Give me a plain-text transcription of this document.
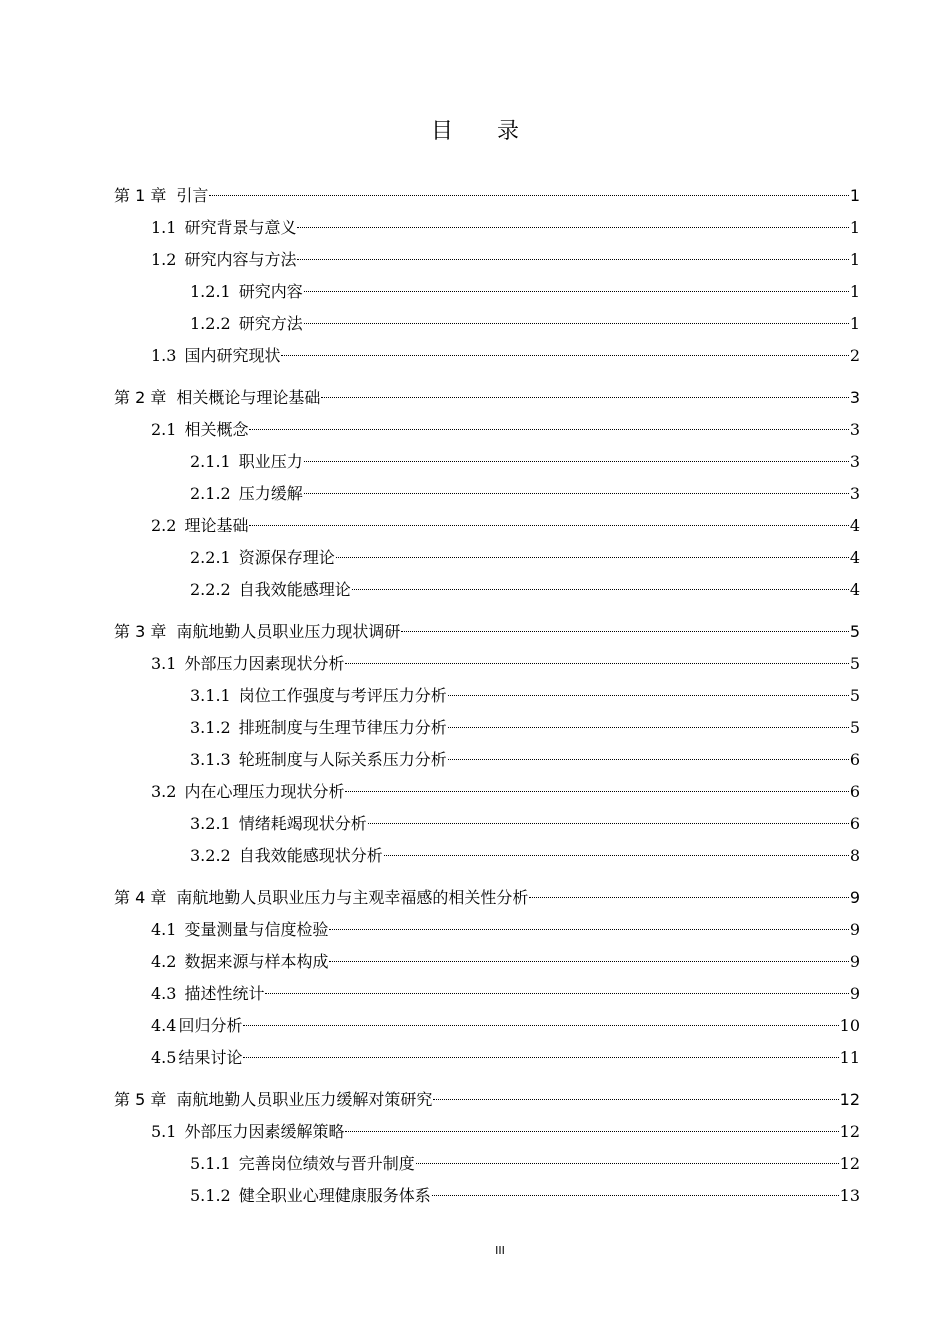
目 录
第 1 章 引言	1
1.1 研究背景与意义	1
1.2 研究内容与方法	1
1.2.1 研究内容	1
1.2.2 研究方法	1
1.3 国内研究现状	2
第 2 章 相关概论与理论基础	3
2.1 相关概念	3
2.1.1 职业压力	3
2.1.2 压力缓解	3
2.2 理论基础	4
2.2.1 资源保存理论	4
2.2.2 自我效能感理论	4
第 3 章 南航地勤人员职业压力现状调研	5
3.1 外部压力因素现状分析	5
3.1.1 岗位工作强度与考评压力分析	5
3.1.2 排班制度与生理节律压力分析	5
3.1.3 轮班制度与人际关系压力分析	6
3.2 内在心理压力现状分析	6
3.2.1 情绪耗竭现状分析	6
3.2.2 自我效能感现状分析	8
第 4 章 南航地勤人员职业压力与主观幸福感的相关性分析	9
4.1 变量测量与信度检验	9
4.2 数据来源与样本构成	9
4.3 描述性统计	9
4.4 回归分析	10
4.5 结果讨论	11
第 5 章 南航地勤人员职业压力缓解对策研究	12
5.1 外部压力因素缓解策略	12
5.1.1 完善岗位绩效与晋升制度	12
5.1.2 健全职业心理健康服务体系	13
III
